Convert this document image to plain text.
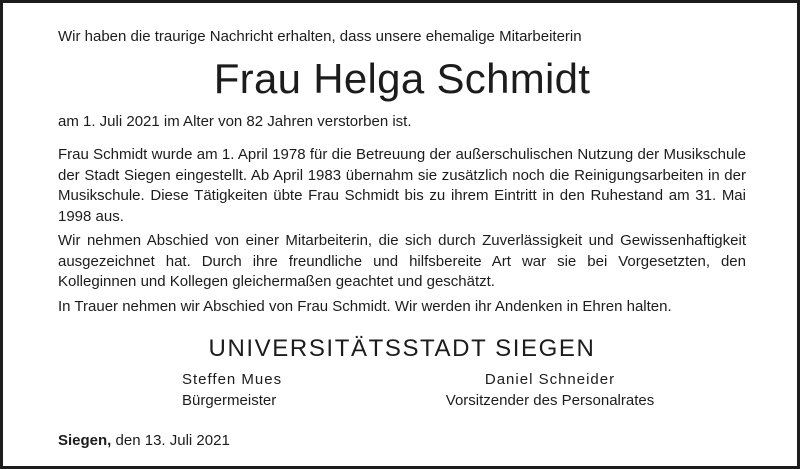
Wir haben die traurige Nachricht erhalten, dass unsere ehemalige Mitarbeiterin

Frau Helga Schmidt

am 1. Juli 2021 im Alter von 82 Jahren verstorben ist.

Frau Schmidt wurde am 1. April 1978 für die Betreuung der außerschulischen Nutzung der Musikschule der Stadt Siegen eingestellt. Ab April 1983 übernahm sie zusätzlich noch die Reinigungsarbeiten in der Musikschule. Diese Tätigkeiten übte Frau Schmidt bis zu ihrem Eintritt in den Ruhestand am 31. Mai 1998 aus.

Wir nehmen Abschied von einer Mitarbeiterin, die sich durch Zuverlässigkeit und Gewissenhaftigkeit ausgezeichnet hat. Durch ihre freundliche und hilfsbereite Art war sie bei Vorgesetzten, den Kolleginnen und Kollegen gleichermaßen geachtet und geschätzt.

In Trauer nehmen wir Abschied von Frau Schmidt. Wir werden ihr Andenken in Ehren halten.

UNIVERSITÄTSSTADT SIEGEN
Steffen Mues
Bürgermeister
Daniel Schneider
Vorsitzender des Personalrates

Siegen, den 13. Juli 2021
